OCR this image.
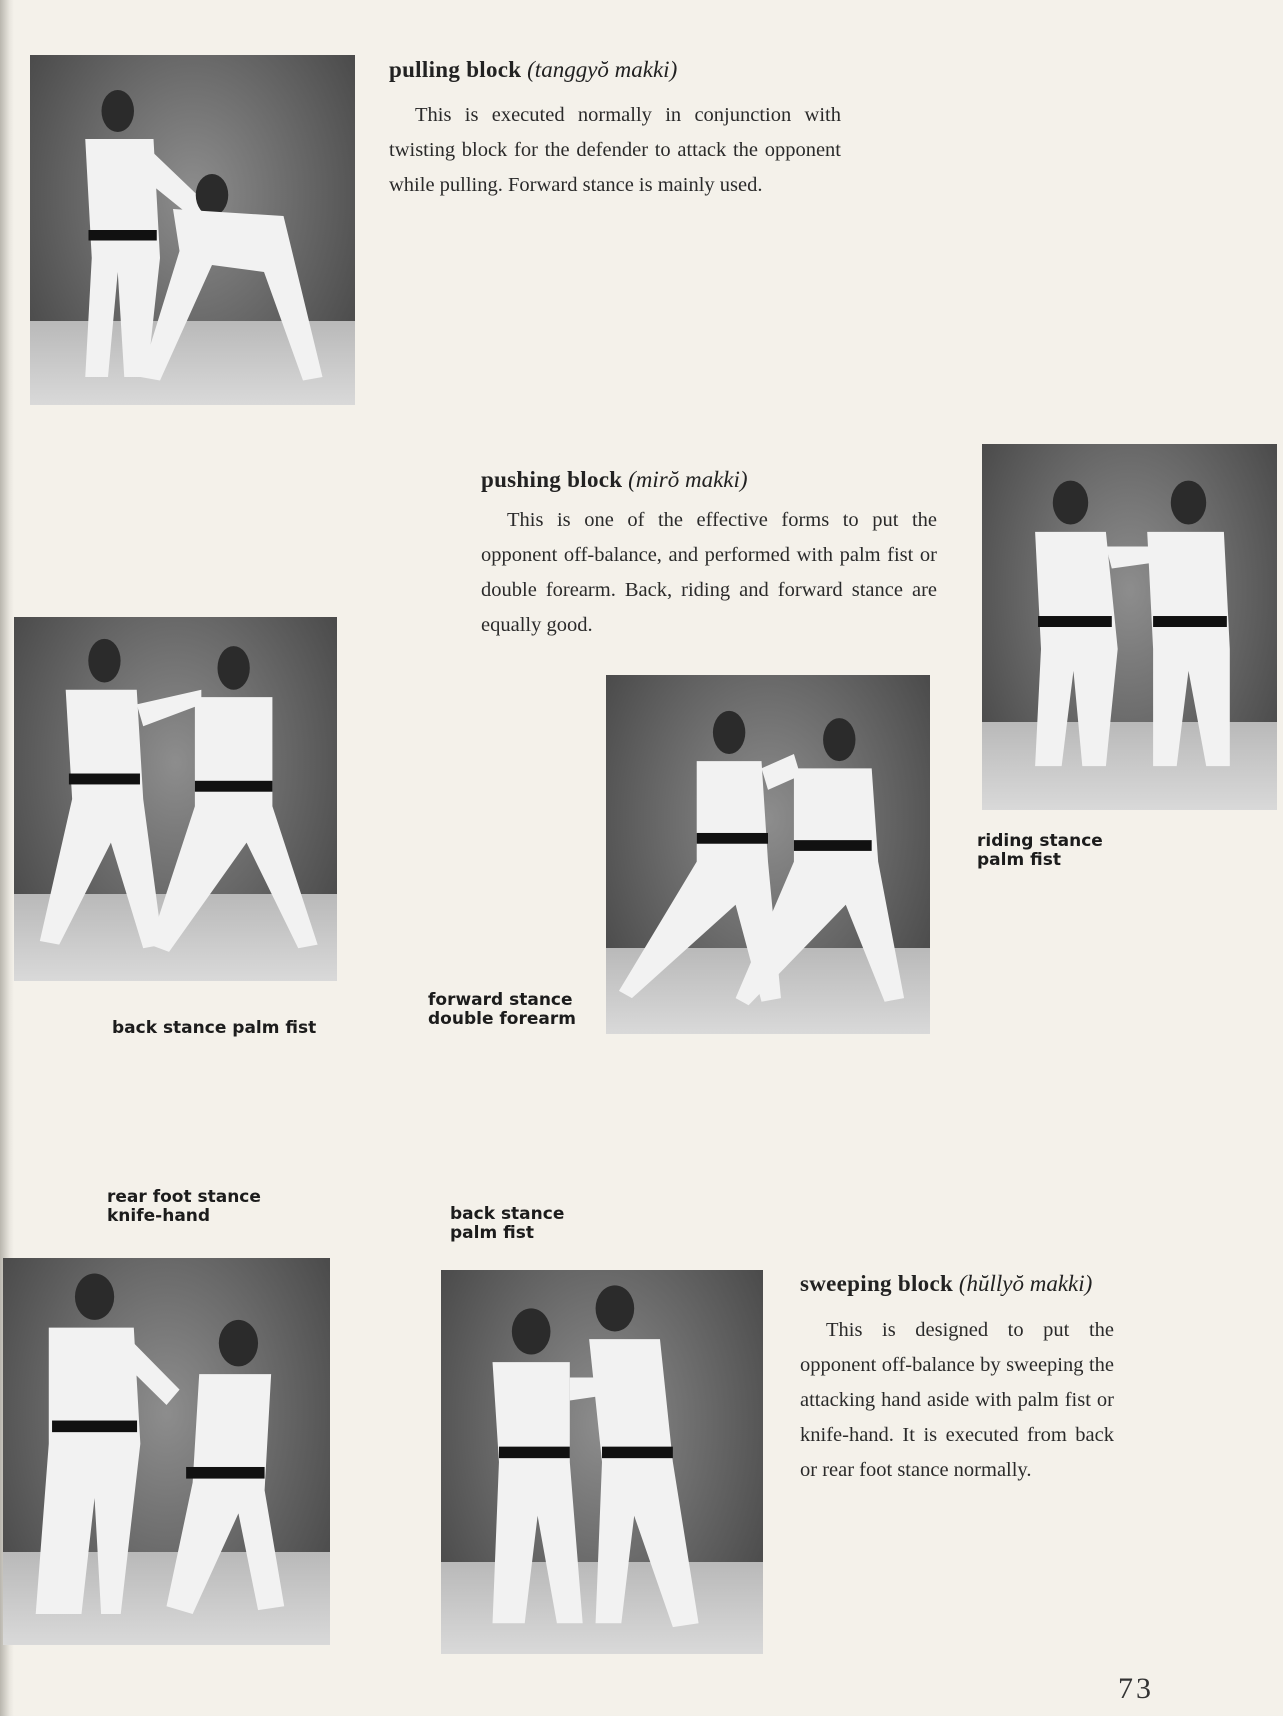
pulling block (tanggyŏ makki)

This is executed normally in conjunction with twisting block for the defender to attack the opponent while pulling. Forward stance is mainly used.

pushing block (mirŏ makki)

This is one of the effective forms to put the opponent off-balance, and performed with palm fist or double forearm. Back, riding and forward stance are equally good.

sweeping block (hŭllyŏ makki)

This is designed to put the opponent off-balance by sweeping the attacking hand aside with palm fist or knife-hand. It is executed from back or rear foot stance normally.

riding stance
palm fist
back stance palm fist
forward stance
double forearm
rear foot stance
knife-hand	back stance
palm fist
73
